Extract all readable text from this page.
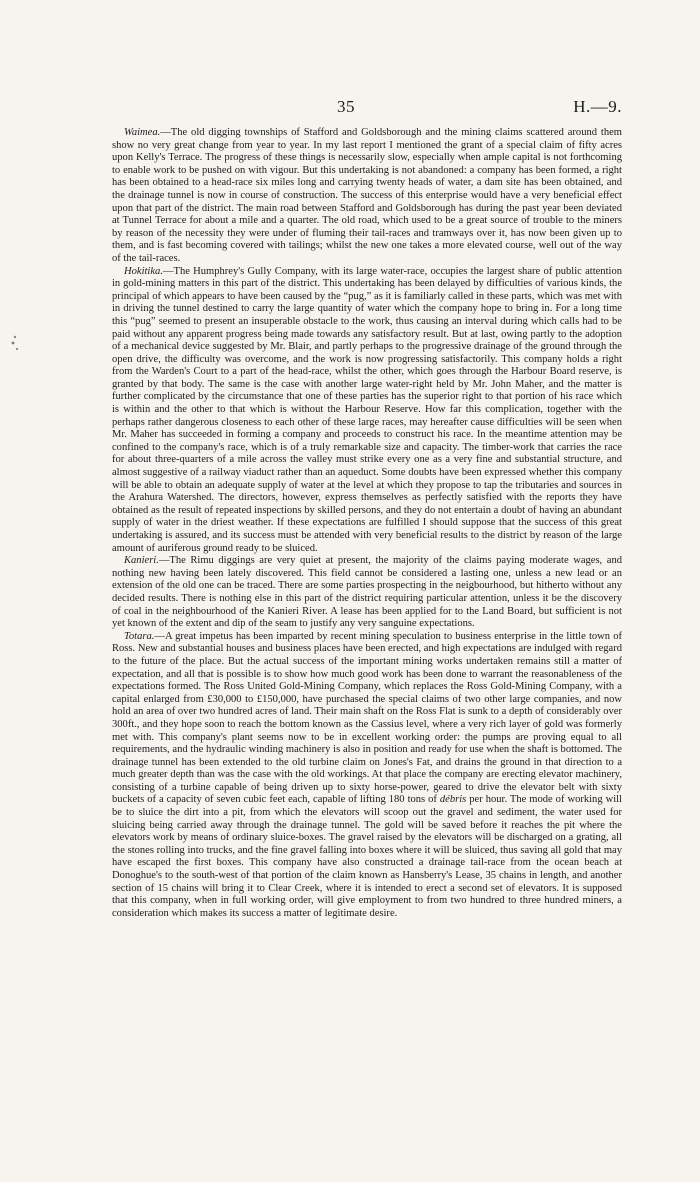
35	H.—9.

Waimea.—The old digging townships of Stafford and Goldsborough and the mining claims scattered around them show no very great change from year to year. In my last report I mentioned the grant of a special claim of fifty acres upon Kelly's Terrace. The progress of these things is necessarily slow, especially when ample capital is not forthcoming to enable work to be pushed on with vigour. But this undertaking is not abandoned: a company has been formed, a right has been obtained to a head-race six miles long and carrying twenty heads of water, a dam site has been obtained, and the drainage tunnel is now in course of construction. The success of this enterprise would have a very beneficial effect upon that part of the district. The main road between Stafford and Goldsborough has during the past year been deviated at Tunnel Terrace for about a mile and a quarter. The old road, which used to be a great source of trouble to the miners by reason of the necessity they were under of fluming their tail-races and tramways over it, has now been given up to them, and is fast becoming covered with tailings; whilst the new one takes a more elevated course, well out of the way of the tail-races.

Hokitika.—The Humphrey's Gully Company, with its large water-race, occupies the largest share of public attention in gold-mining matters in this part of the district. This undertaking has been delayed by difficulties of various kinds, the principal of which appears to have been caused by the “pug,” as it is familiarly called in these parts, which was met with in driving the tunnel destined to carry the large quantity of water which the company hope to bring in. For a long time this “pug” seemed to present an insuperable obstacle to the work, thus causing an interval during which calls had to be paid without any apparent progress being made towards any satisfactory result. But at last, owing partly to the adoption of a mechanical device suggested by Mr. Blair, and partly perhaps to the progressive drainage of the ground through the open drive, the difficulty was overcome, and the work is now progressing satisfactorily. This company holds a right from the Warden's Court to a part of the head-race, whilst the other, which goes through the Harbour Board reserve, is granted by that body. The same is the case with another large water-right held by Mr. John Maher, and the matter is further complicated by the circumstance that one of these parties has the superior right to that portion of his race which is within and the other to that which is without the Harbour Reserve. How far this complication, together with the perhaps rather dangerous closeness to each other of these large races, may hereafter cause difficulties will be seen when Mr. Maher has succeeded in forming a company and proceeds to construct his race. In the meantime attention may be confined to the company's race, which is of a truly remarkable size and capacity. The timber-work that carries the race for about three-quarters of a mile across the valley must strike every one as a very fine and substantial structure, and almost suggestive of a railway viaduct rather than an aqueduct. Some doubts have been expressed whether this company will be able to obtain an adequate supply of water at the level at which they propose to tap the tributaries and sources in the Arahura Watershed. The directors, however, express themselves as perfectly satisfied with the reports they have obtained as the result of repeated inspections by skilled persons, and they do not entertain a doubt of having an abundant supply of water in the driest weather. If these expectations are fulfilled I should suppose that the success of this great undertaking is assured, and its success must be attended with very beneficial results to the district by reason of the large amount of auriferous ground ready to be sluiced.

Kanieri.—The Rimu diggings are very quiet at present, the majority of the claims paying moderate wages, and nothing new having been lately discovered. This field cannot be considered a lasting one, unless a new lead or an extension of the old one can be traced. There are some parties prospecting in the neigbourhood, but hitherto without any decided results. There is nothing else in this part of the district requiring particular attention, unless it be the discovery of coal in the neighbourhood of the Kanieri River. A lease has been applied for to the Land Board, but sufficient is not yet known of the extent and dip of the seam to justify any very sanguine expectations.

Totara.—A great impetus has been imparted by recent mining speculation to business enterprise in the little town of Ross. New and substantial houses and business places have been erected, and high expectations are indulged with regard to the future of the place. But the actual success of the important mining works undertaken remains still a matter of expectation, and all that is possible is to show how much good work has been done to warrant the reasonableness of the expectations formed. The Ross United Gold-Mining Company, which replaces the Ross Gold-Mining Company, with a capital enlarged from £30,000 to £150,000, have purchased the special claims of two other large companies, and now hold an area of over two hundred acres of land. Their main shaft on the Ross Flat is sunk to a depth of considerably over 300ft., and they hope soon to reach the bottom known as the Cassius level, where a very rich layer of gold was formerly met with. This company's plant seems now to be in excellent working order: the pumps are proving equal to all requirements, and the hydraulic winding machinery is also in position and ready for use when the shaft is bottomed. The drainage tunnel has been extended to the old turbine claim on Jones's Fat, and drains the ground in that direction to a much greater depth than was the case with the old workings. At that place the company are erecting elevator machinery, consisting of a turbine capable of being driven up to sixty horse-power, geared to drive the elevator belt with sixty buckets of a capacity of seven cubic feet each, capable of lifting 180 tons of débris per hour. The mode of working will be to sluice the dirt into a pit, from which the elevators will scoop out the gravel and sediment, the water used for sluicing being carried away through the drainage tunnel. The gold will be saved before it reaches the pit where the elevators work by means of ordinary sluice-boxes. The gravel raised by the elevators will be discharged on a grating, all the stones rolling into trucks, and the fine gravel falling into boxes where it will be sluiced, thus saving all gold that may have escaped the first boxes. This company have also constructed a drainage tail-race from the ocean beach at Donoghue's to the south-west of that portion of the claim known as Hansberry's Lease, 35 chains in length, and another section of 15 chains will bring it to Clear Creek, where it is intended to erect a second set of elevators. It is supposed that this company, when in full working order, will give employment to from two hundred to three hundred miners, a consideration which makes its success a matter of legitimate desire.
